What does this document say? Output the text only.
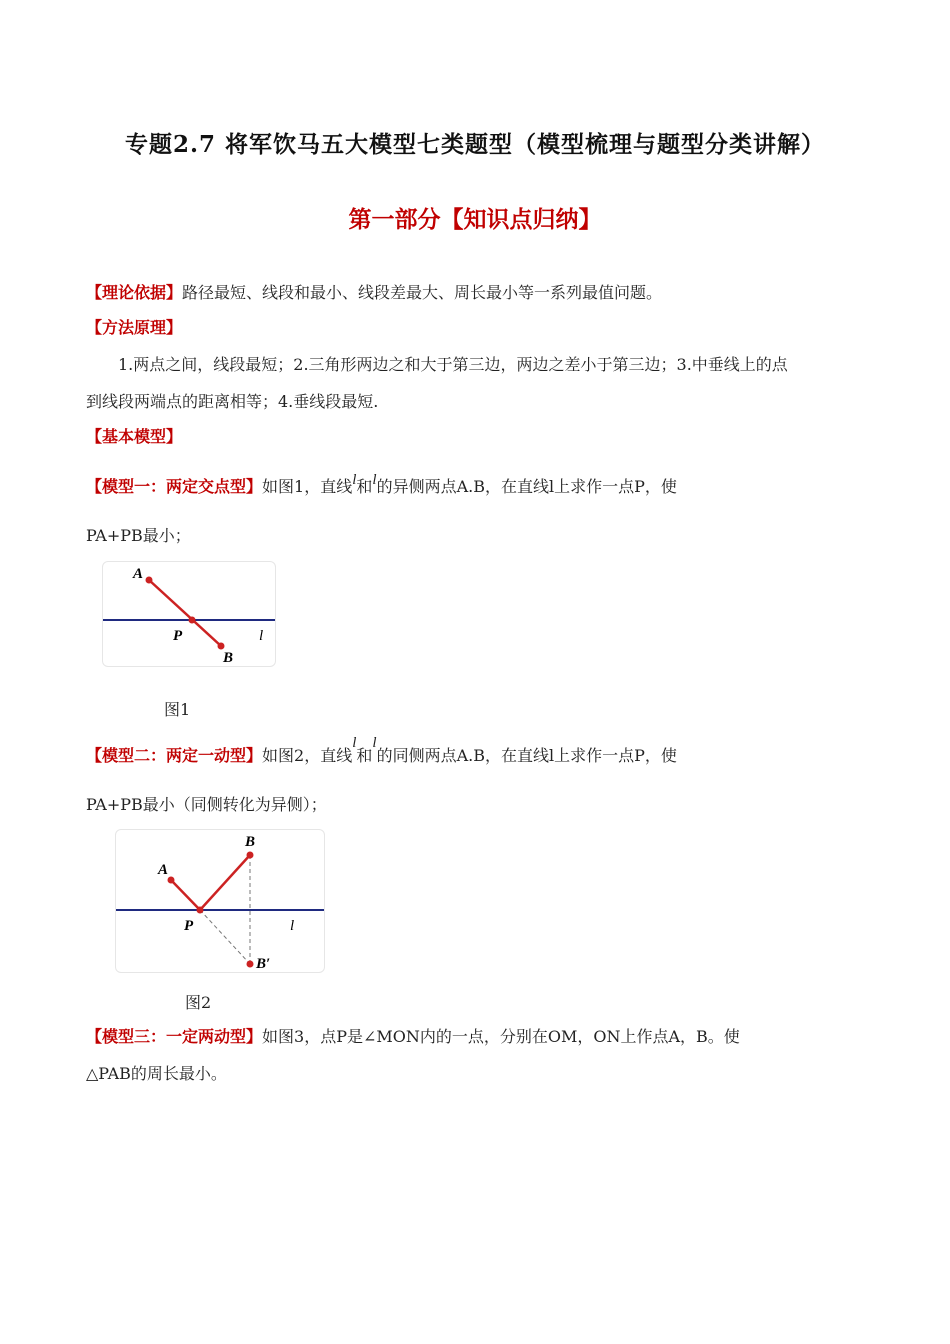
专题2.7 将军饮马五大模型七类题型（模型梳理与题型分类讲解）
第一部分【知识点归纳】
【理论依据】路径最短、线段和最小、线段差最大、周长最小等一系列最值问题。
【方法原理】
1.两点之间，线段最短；2.三角形两边之和大于第三边，两边之差小于第三边；3.中垂线上的点
到线段两端点的距离相等；4.垂线段最短.
【基本模型】
【模型一：两定交点型】如图1，直线l和l的异侧两点A.B，在直线l上求作一点P，使
PA+PB最小；
A
P
B
l
图1
【模型二：两定一动型】如图2，直线l和l的同侧两点A.B，在直线l上求作一点P，使
PA+PB最小（同侧转化为异侧）；
A
B
P
B′
l
图2
【模型三：一定两动型】如图3，点P是∠MON内的一点，分别在OM，ON上作点A，B。使
△PAB的周长最小。
